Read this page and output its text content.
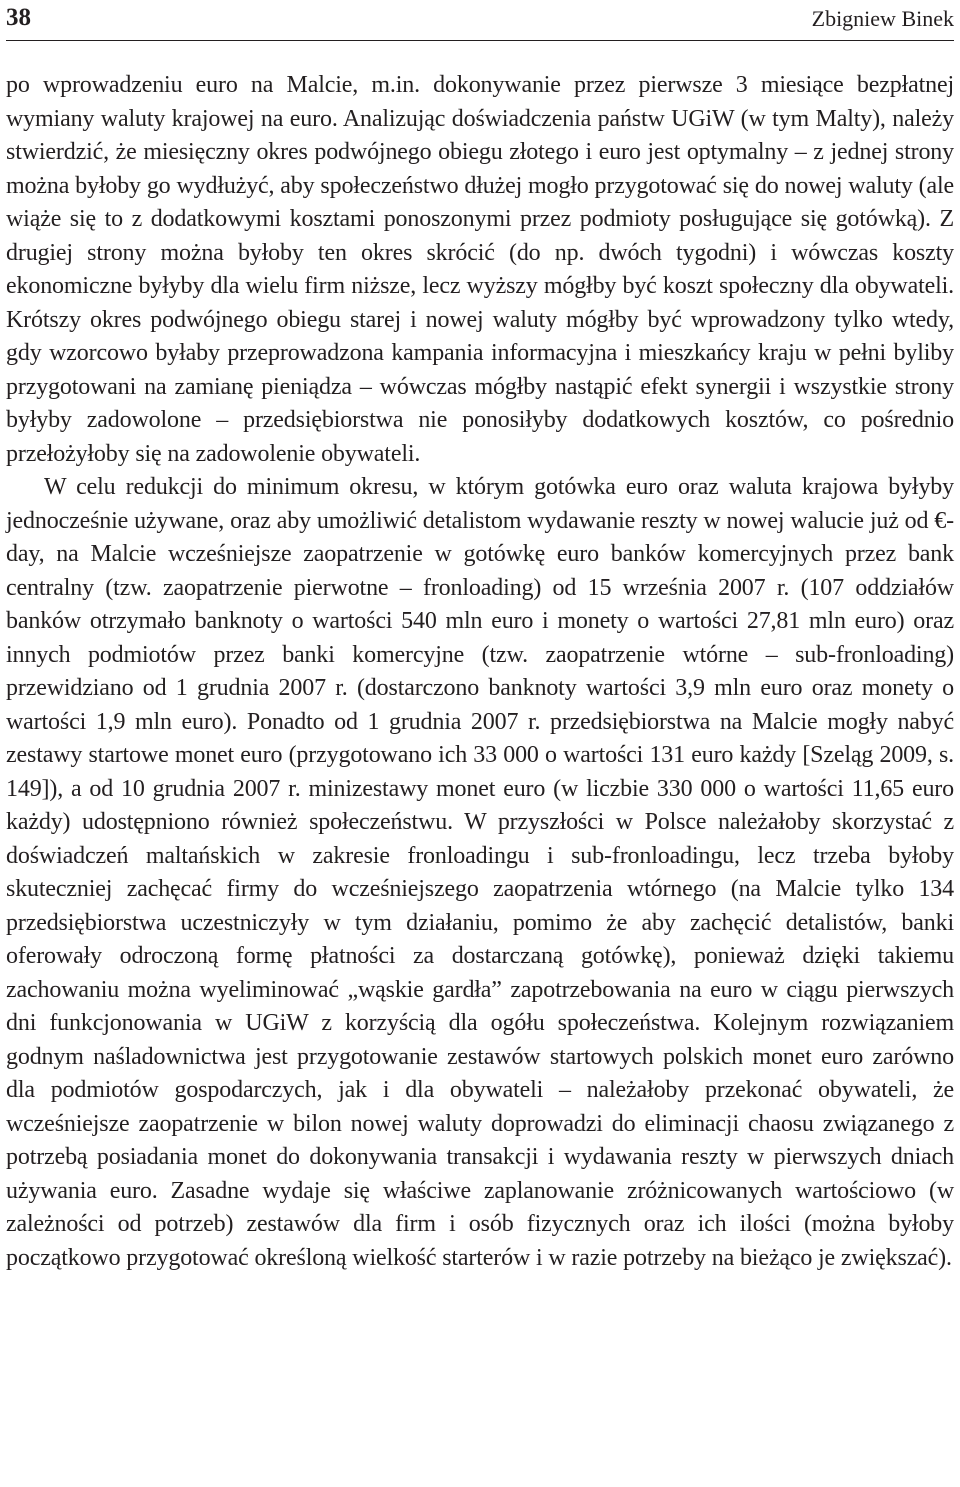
38	Zbigniew Binek

po wprowadzeniu euro na Malcie, m.in. dokonywanie przez pierwsze 3 miesiące bezpłatnej wymiany waluty krajowej na euro. Analizując doświadczenia państw UGiW (w tym Malty), należy stwierdzić, że miesięczny okres podwójnego obiegu złotego i euro jest optymalny – z jednej strony można byłoby go wydłużyć, aby społeczeństwo dłużej mogło przygotować się do nowej waluty (ale wiąże się to z dodatkowymi kosztami ponoszonymi przez podmioty posługujące się gotówką). Z drugiej strony można byłoby ten okres skrócić (do np. dwóch tygodni) i wówczas koszty ekonomiczne byłyby dla wielu firm niższe, lecz wyższy mógłby być koszt społeczny dla obywateli. Krótszy okres podwójnego obiegu starej i nowej waluty mógłby być wprowadzony tylko wtedy, gdy wzorcowo byłaby przeprowadzona kampania informacyjna i mieszkańcy kraju w pełni byliby przygotowani na zamianę pieniądza – wówczas mógłby nastąpić efekt synergii i wszystkie strony byłyby zadowolone – przedsiębiorstwa nie ponosiłyby dodatkowych kosztów, co pośrednio przełożyłoby się na zadowolenie obywateli.

W celu redukcji do minimum okresu, w którym gotówka euro oraz waluta krajowa byłyby jednocześnie używane, oraz aby umożliwić detalistom wydawanie reszty w nowej walucie już od €-day, na Malcie wcześniejsze zaopatrzenie w gotówkę euro banków komercyjnych przez bank centralny (tzw. zaopatrzenie pierwotne – fronloading) od 15 września 2007 r. (107 oddziałów banków otrzymało banknoty o wartości 540 mln euro i monety o wartości 27,81 mln euro) oraz innych podmiotów przez banki komercyjne (tzw. zaopatrzenie wtórne – sub-fronloading) przewidziano od 1 grudnia 2007 r. (dostarczono banknoty wartości 3,9 mln euro oraz monety o wartości 1,9 mln euro). Ponadto od 1 grudnia 2007 r. przedsiębiorstwa na Malcie mogły nabyć zestawy startowe monet euro (przygotowano ich 33 000 o wartości 131 euro każdy [Szeląg 2009, s. 149]), a od 10 grudnia 2007 r. minizestawy monet euro (w liczbie 330 000 o wartości 11,65 euro każdy) udostępniono również społeczeństwu. W przyszłości w Polsce należałoby skorzystać z doświadczeń maltańskich w zakresie fronloadingu i sub-fronloadingu, lecz trzeba byłoby skuteczniej zachęcać firmy do wcześniejszego zaopatrzenia wtórnego (na Malcie tylko 134 przedsiębiorstwa uczestniczyły w tym działaniu, pomimo że aby zachęcić detalistów, banki oferowały odroczoną formę płatności za dostarczaną gotówkę), ponieważ dzięki takiemu zachowaniu można wyeliminować „wąskie gardła” zapotrzebowania na euro w ciągu pierwszych dni funkcjonowania w UGiW z korzyścią dla ogółu społeczeństwa. Kolejnym rozwiązaniem godnym naśladownictwa jest przygotowanie zestawów startowych polskich monet euro zarówno dla podmiotów gospodarczych, jak i dla obywateli – należałoby przekonać obywateli, że wcześniejsze zaopatrzenie w bilon nowej waluty doprowadzi do eliminacji chaosu związanego z potrzebą posiadania monet do dokonywania transakcji i wydawania reszty w pierwszych dniach używania euro. Zasadne wydaje się właściwe zaplanowanie zróżnicowanych wartościowo (w zależności od potrzeb) zestawów dla firm i osób fizycznych oraz ich ilości (można byłoby początkowo przygotować określoną wielkość starterów i w razie potrzeby na bieżąco je zwiększać).
